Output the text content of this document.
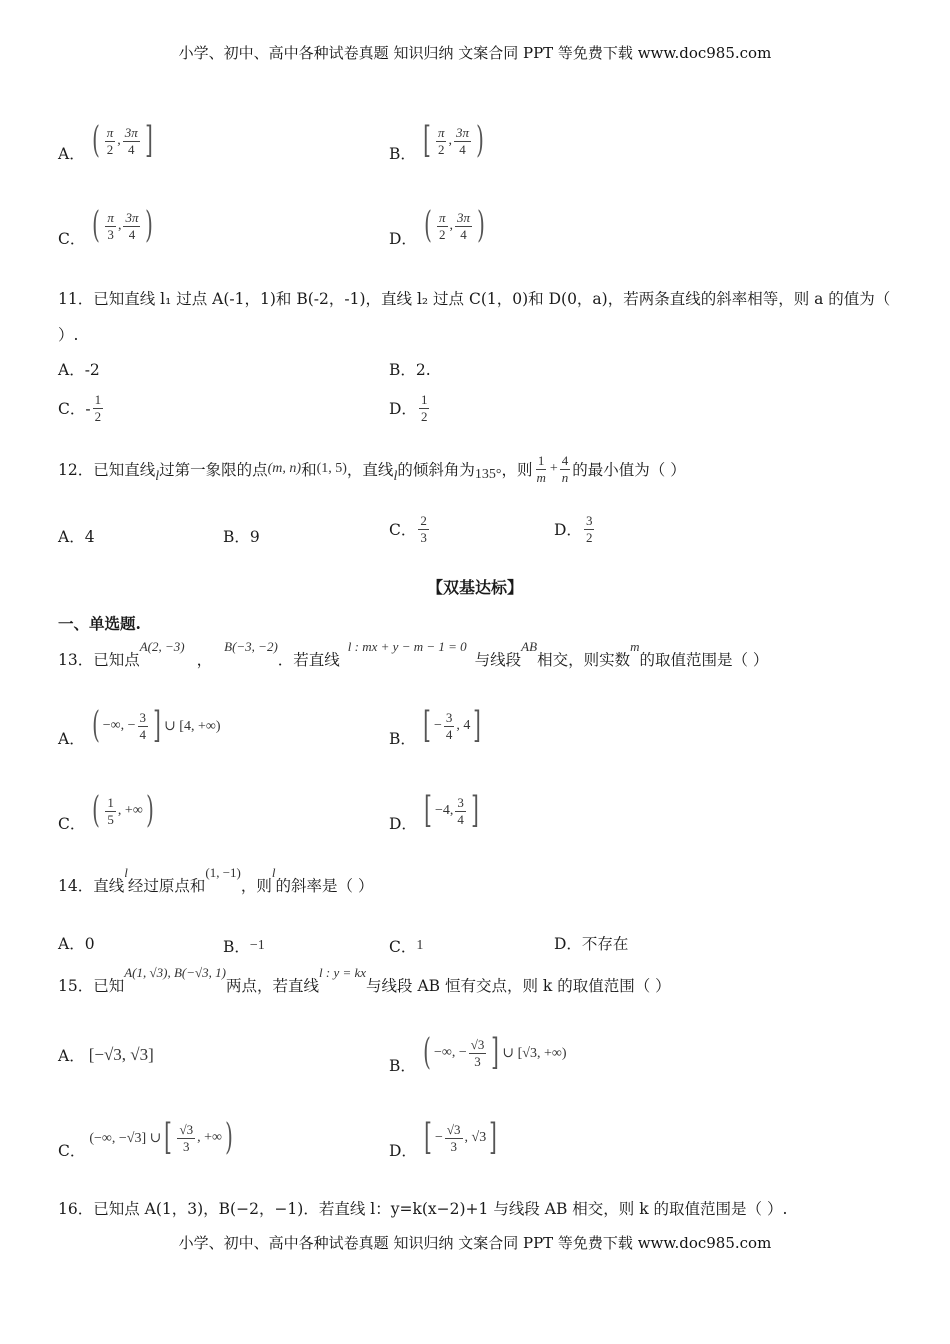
小学、初中、高中各种试卷真题 知识归纳 文案合同 PPT 等免费下载 www.doc985.com
A． ( $\frac{\pi}{2}$ , $\frac{3\pi}{4}$ ]	B． [ $\frac{\pi}{2}$ , $\frac{3\pi}{4}$ )
C． ( $\frac{\pi}{3}$ , $\frac{3\pi}{4}$ )	D． ( $\frac{\pi}{2}$ , $\frac{3\pi}{4}$ )
11．已知直线 l₁ 过点 A(-1，1)和 B(-2，-1)，直线 l₂ 过点 C(1，0)和 D(0，a)，若两条直线的斜率相等，则 a 的值为（
）.
A．-2	B．2.
C．- $\frac{1}{2}$	D． $\frac{1}{2}$
12．已知直线 l 过第一象限的点 (m, n) 和 (1, 5) ，直线 l 的倾斜角为 135° ，则 $\frac{1}{m} + \frac{4}{n}$ 的最小值为（ ）
A．4	B．9	C． $\frac{2}{3}$	D． $\frac{3}{2}$
【双基达标】
一、单选题.
13．已知点
A(2, −3)
，
B(−3, −2)
．若直线
l : mx + y − m − 1 = 0
与线段
AB
相交，则实数
m
的取值范围是（ ）
A． ( −∞, − $\frac{3}{4}$ ] ∪ [4, +∞)
B． [ − $\frac{3}{4}$ , 4 ]
C． ( $\frac{1}{5}$ , +∞ )	D． [ −4, $\frac{3}{4}$ ]
14．直线
l
经过原点和
(1, −1)
，则
l
的斜率是（ ）
A．0	B． −1	C． 1	D．不存在
15．已知
A(1, √3), B(−√3, 1)
两点，若直线
l : y = kx
与线段 AB 恒有交点，则 k 的取值范围（ ）
A． [−√3, √3]
B． ( −∞, − $\frac{√3}{3}$ ] ∪ [√3, +∞)
C．
(−∞, −√3] ∪ [ $\frac{√3}{3}$ , +∞ )	D． [ − $\frac{√3}{3}$ , √3 ]
16．已知点 A(1，3)，B(−2，−1)．若直线 l：y=k(x−2)+1 与线段 AB 相交，则 k 的取值范围是（ ）.
小学、初中、高中各种试卷真题 知识归纳 文案合同 PPT 等免费下载 www.doc985.com
